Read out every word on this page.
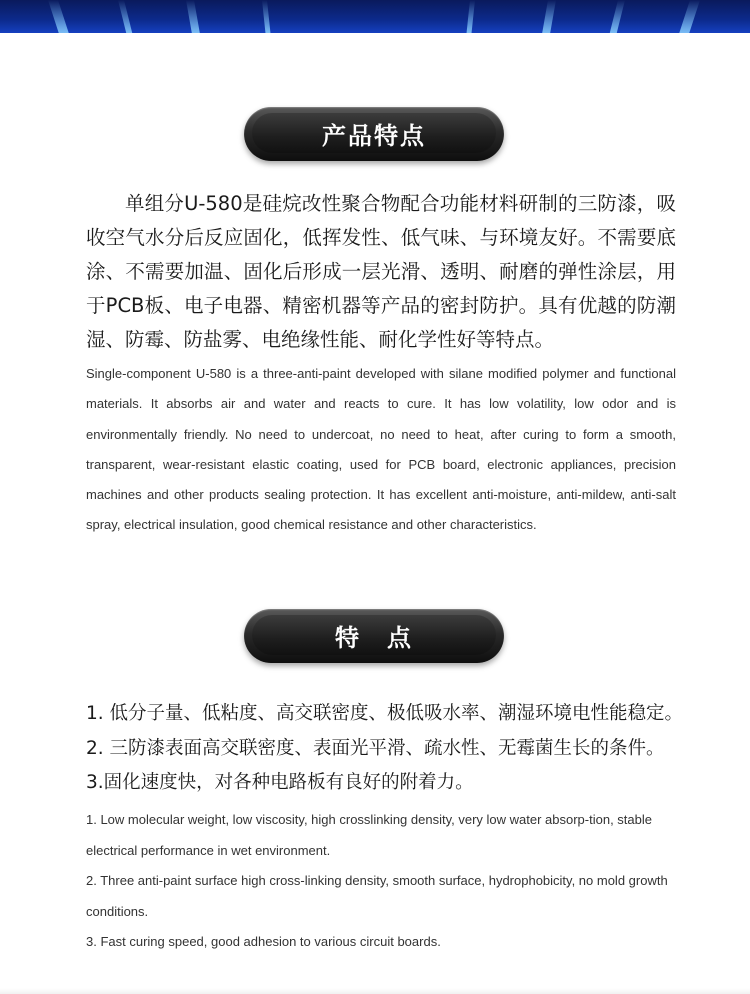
产品特点

单组分U-580是硅烷改性聚合物配合功能材料研制的三防漆，吸收空气水分后反应固化，低挥发性、低气味、与环境友好。不需要底涂、不需要加温、固化后形成一层光滑、透明、耐磨的弹性涂层，用于PCB板、电子电器、精密机器等产品的密封防护。具有优越的防潮湿、防霉、防盐雾、电绝缘性能、耐化学性好等特点。

Single-component U-580 is a three-anti-paint developed with silane modified polymer and functional materials. It absorbs air and water and reacts to cure. It has low volatility, low odor and is environmentally friendly. No need to undercoat, no need to heat, after curing to form a smooth, transparent, wear-resistant elastic coating, used for PCB board, electronic appliances, precision machines and other products sealing protection. It has excellent anti-moisture, anti-mildew, anti-salt spray, electrical insulation, good chemical resistance and other characteristics.

特　点
1. 低分子量、低粘度、高交联密度、极低吸水率、潮湿环境电性能稳定。
2. 三防漆表面高交联密度、表面光平滑、疏水性、无霉菌生长的条件。
3.固化速度快，对各种电路板有良好的附着力。
1. Low molecular weight, low viscosity, high crosslinking density, very low water absorp-tion, stable electrical performance in wet environment.
2. Three anti-paint surface high cross-linking density, smooth surface, hydrophobicity, no mold growth conditions.
3. Fast curing speed, good adhesion to various circuit boards.
